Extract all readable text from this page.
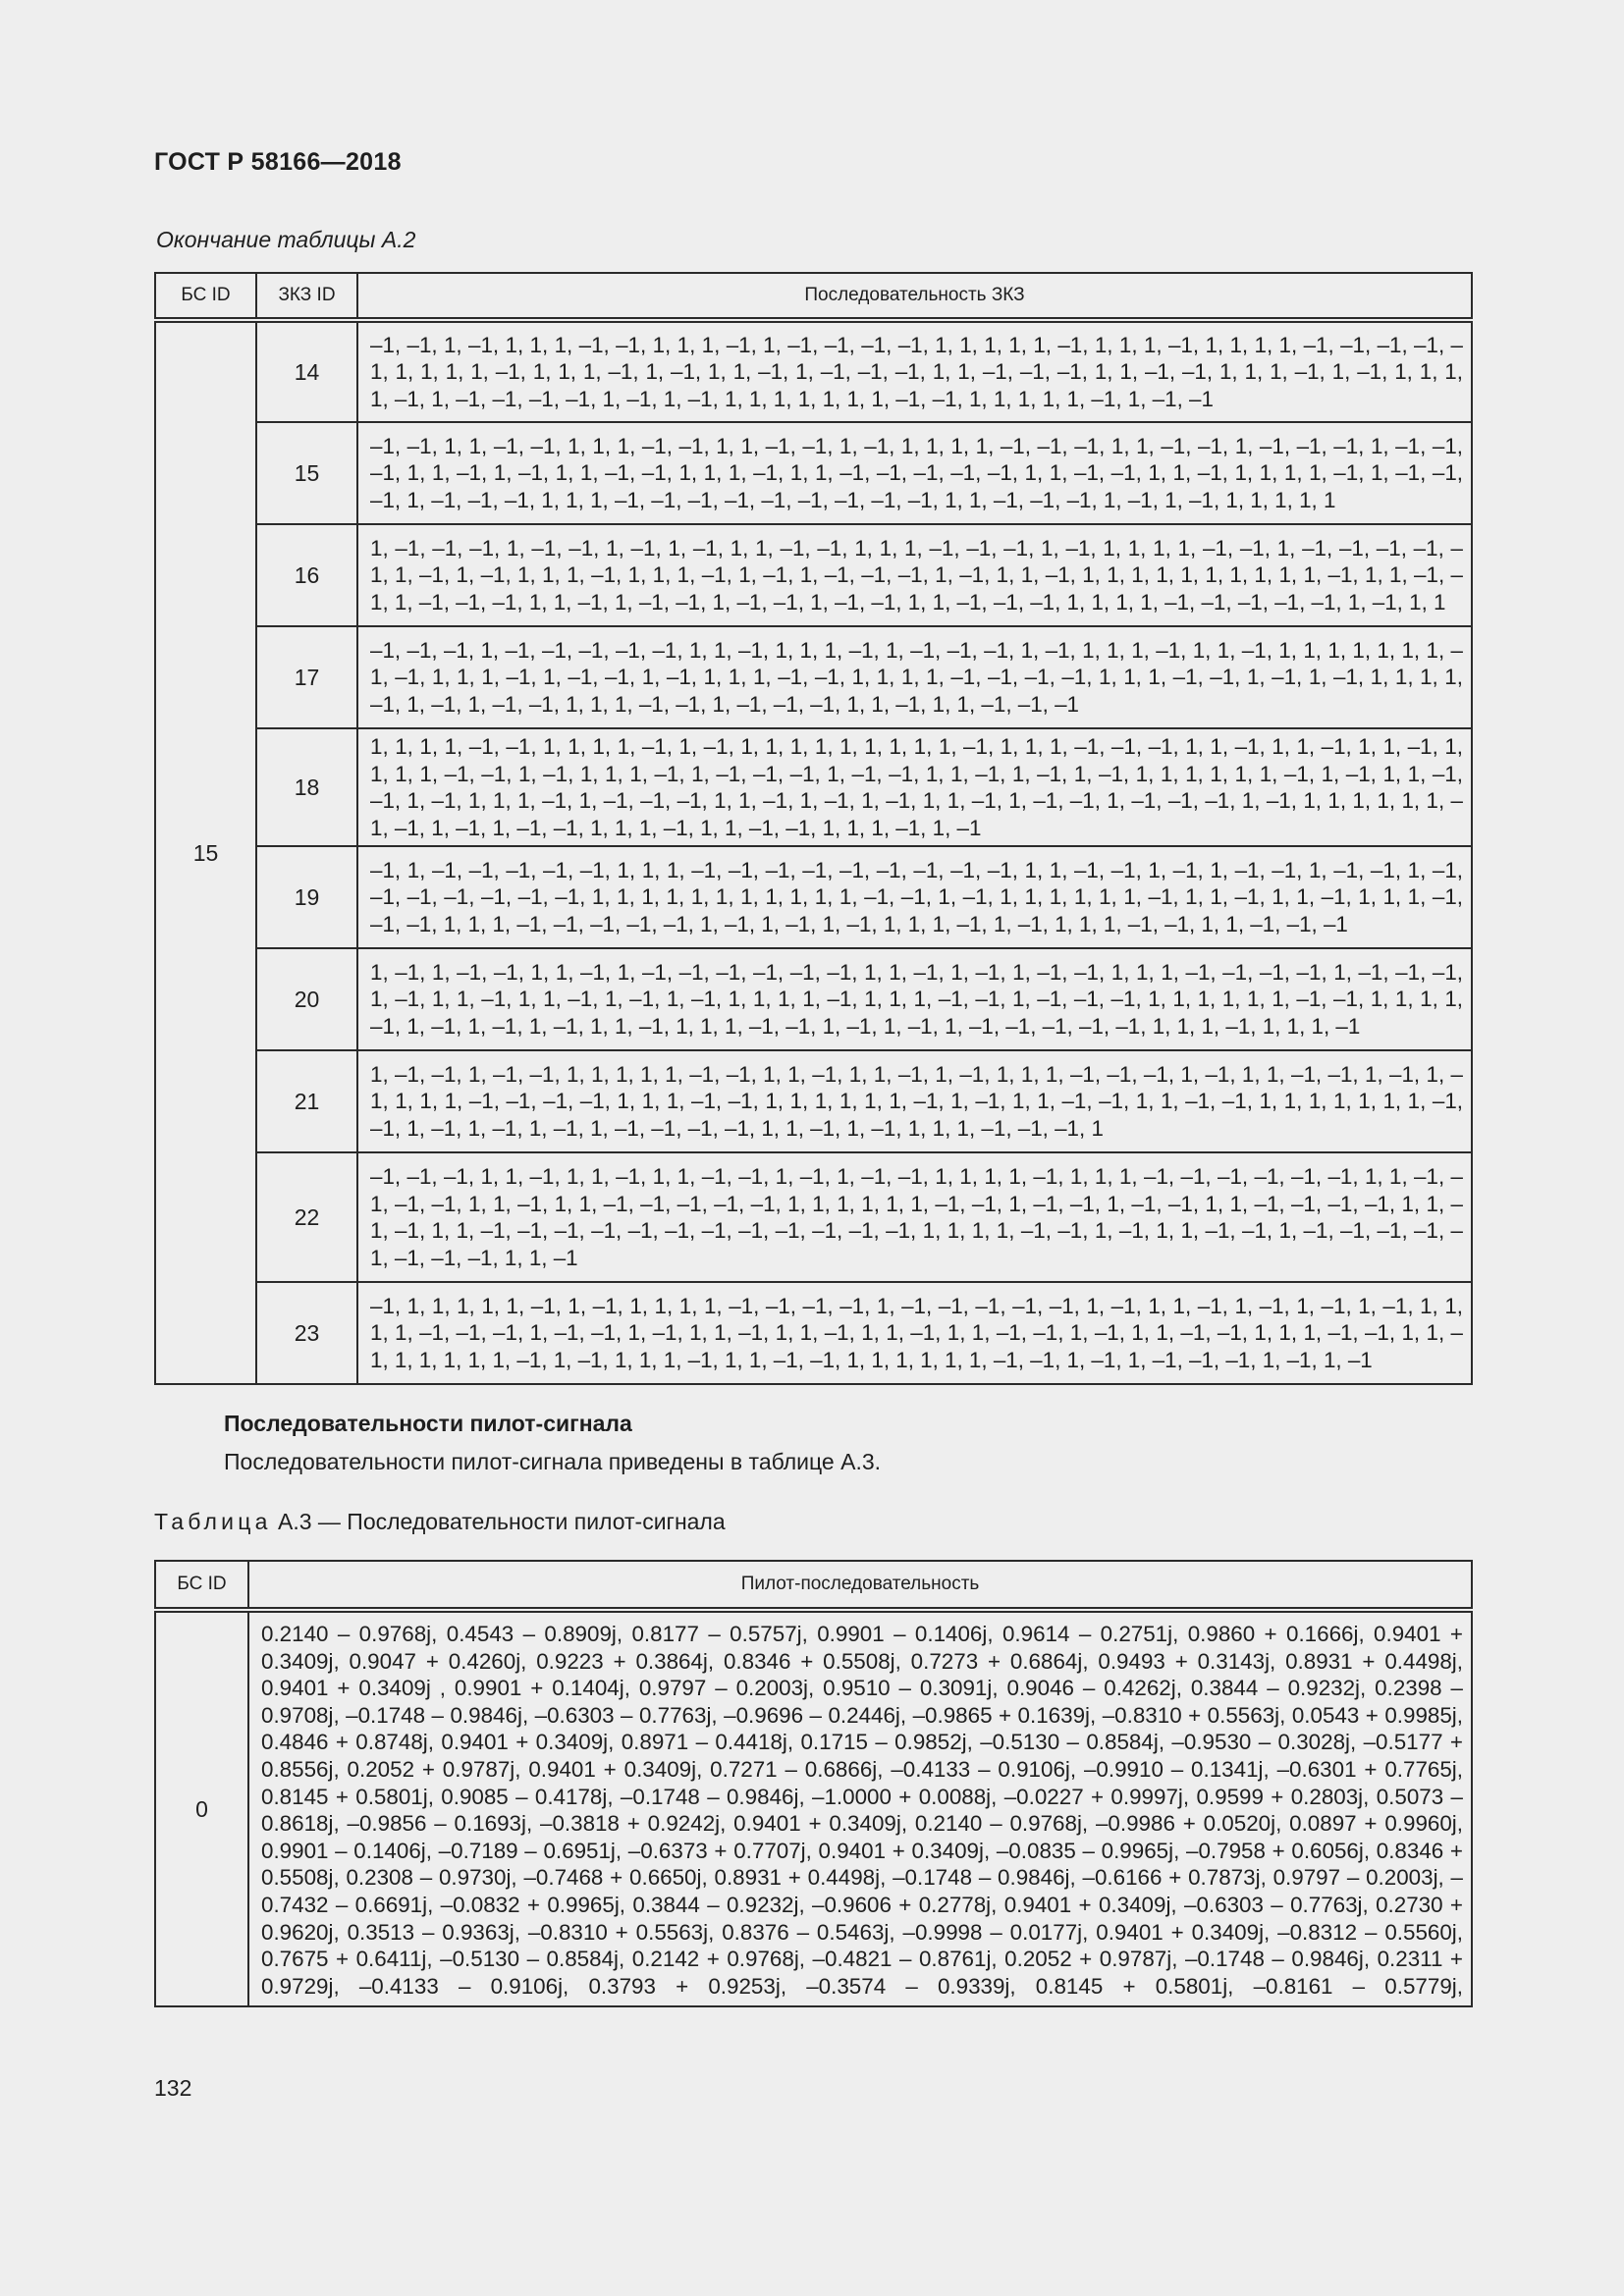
ГОСТ Р 58166—2018
Окончание таблицы А.2
БС ID	ЗКЗ ID	Последовательность ЗКЗ
15	14	–1, –1, 1, –1, 1, 1, 1, –1, –1, 1, 1, 1, –1, 1, –1, –1, –1, –1, 1, 1, 1, 1, 1, –1, 1, 1, 1, –1, 1, 1, 1, 1, –1, –1, –1, –1, –1, 1, 1, 1, 1, –1, 1, 1, 1, –1, 1, –1, 1, 1, –1, 1, –1, –1, –1, 1, 1, –1, –1, –1, 1, 1, –1, –1, 1, 1, 1, –1, 1, –1, 1, 1, 1, 1, –1, 1, –1, –1, –1, –1, 1, –1, 1, –1, 1, 1, 1, 1, 1, 1, 1, –1, –1, 1, 1, 1, 1, 1, –1, 1, –1, –1
	15	–1, –1, 1, 1, –1, –1, 1, 1, 1, –1, –1, 1, 1, –1, –1, 1, –1, 1, 1, 1, 1, –1, –1, –1, 1, 1, –1, –1, 1, –1, –1, –1, 1, –1, –1, –1, 1, 1, –1, 1, –1, 1, 1, –1, –1, 1, 1, 1, –1, 1, 1, –1, –1, –1, –1, –1, 1, 1, –1, –1, 1, 1, –1, 1, 1, 1, 1, –1, 1, –1, –1, –1, 1, –1, –1, –1, 1, 1, 1, –1, –1, –1, –1, –1, –1, –1, –1, –1, 1, 1, –1, –1, –1, 1, –1, 1, –1, 1, 1, 1, 1, 1
	16	1, –1, –1, –1, 1, –1, –1, 1, –1, 1, –1, 1, 1, –1, –1, 1, 1, 1, –1, –1, –1, 1, –1, 1, 1, 1, 1, –1, –1, 1, –1, –1, –1, –1, –1, 1, –1, 1, –1, 1, 1, 1, –1, 1, 1, 1, –1, 1, –1, 1, –1, –1, –1, 1, –1, 1, 1, –1, 1, 1, 1, 1, 1, 1, 1, 1, 1, 1, –1, 1, 1, –1, –1, 1, –1, –1, –1, 1, 1, –1, 1, –1, –1, 1, –1, –1, 1, –1, –1, 1, 1, –1, –1, –1, 1, 1, 1, 1, –1, –1, –1, –1, –1, 1, –1, 1, 1
	17	–1, –1, –1, 1, –1, –1, –1, –1, –1, 1, 1, –1, 1, 1, 1, –1, 1, –1, –1, –1, 1, –1, 1, 1, 1, –1, 1, 1, –1, 1, 1, 1, 1, 1, 1, 1, –1, –1, 1, 1, 1, –1, 1, –1, –1, 1, –1, 1, 1, 1, –1, –1, 1, 1, 1, 1, –1, –1, –1, –1, 1, 1, 1, –1, –1, 1, –1, 1, –1, 1, 1, 1, 1, –1, 1, –1, 1, –1, –1, 1, 1, 1, –1, –1, 1, –1, –1, –1, 1, 1, –1, 1, 1, –1, –1, –1
	18	1, 1, 1, 1, –1, –1, 1, 1, 1, 1, –1, 1, –1, 1, 1, 1, 1, 1, 1, 1, 1, 1, –1, 1, 1, 1, –1, –1, –1, 1, 1, –1, 1, 1, –1, 1, 1, –1, 1, 1, 1, 1, –1, –1, 1, –1, 1, 1, 1, –1, 1, –1, –1, –1, 1, –1, –1, 1, 1, –1, 1, –1, 1, –1, 1, 1, 1, 1, 1, 1, –1, 1, –1, 1, 1, –1, –1, 1, –1, 1, 1, 1, –1, 1, –1, –1, –1, 1, 1, –1, 1, –1, 1, –1, 1, 1, –1, 1, –1, –1, 1, –1, –1, –1, 1, –1, 1, 1, 1, 1, 1, 1, –1, –1, 1, –1, 1, –1, –1, 1, 1, 1, –1, 1, 1, –1, –1, 1, 1, 1, –1, 1, –1
	19	–1, 1, –1, –1, –1, –1, –1, 1, 1, 1, –1, –1, –1, –1, –1, –1, –1, –1, –1, 1, 1, –1, –1, 1, –1, 1, –1, –1, 1, –1, –1, 1, –1, –1, –1, –1, –1, –1, –1, 1, 1, 1, 1, 1, 1, 1, 1, 1, 1, 1, –1, –1, 1, –1, 1, 1, 1, 1, 1, 1, –1, 1, 1, –1, 1, 1, –1, 1, 1, 1, –1, –1, –1, 1, 1, 1, –1, –1, –1, –1, –1, 1, –1, 1, –1, 1, –1, 1, 1, 1, –1, 1, –1, 1, 1, 1, –1, –1, 1, 1, –1, –1, –1
	20	1, –1, 1, –1, –1, 1, 1, –1, 1, –1, –1, –1, –1, –1, –1, 1, 1, –1, 1, –1, 1, –1, –1, 1, 1, 1, –1, –1, –1, –1, 1, –1, –1, –1, 1, –1, 1, 1, –1, 1, 1, –1, 1, –1, 1, –1, 1, 1, 1, 1, –1, 1, 1, 1, –1, –1, 1, –1, –1, –1, 1, 1, 1, 1, 1, 1, –1, –1, 1, 1, 1, 1, –1, 1, –1, 1, –1, 1, –1, 1, 1, –1, 1, 1, 1, –1, –1, 1, –1, 1, –1, 1, –1, –1, –1, –1, –1, 1, 1, 1, –1, 1, 1, 1, –1
	21	1, –1, –1, 1, –1, –1, 1, 1, 1, 1, 1, –1, –1, 1, 1, –1, 1, 1, –1, 1, –1, 1, 1, 1, –1, –1, –1, 1, –1, 1, 1, –1, –1, 1, –1, 1, –1, 1, 1, 1, –1, –1, –1, –1, 1, 1, 1, –1, –1, 1, 1, 1, 1, 1, 1, –1, 1, –1, 1, 1, –1, –1, 1, 1, –1, –1, 1, 1, 1, 1, 1, 1, 1, –1, –1, 1, –1, 1, –1, 1, –1, 1, –1, –1, –1, –1, 1, 1, –1, 1, –1, 1, 1, 1, –1, –1, –1, 1
	22	–1, –1, –1, 1, 1, –1, 1, 1, –1, 1, 1, –1, –1, 1, –1, 1, –1, –1, 1, 1, 1, 1, –1, 1, 1, 1, –1, –1, –1, –1, –1, –1, 1, 1, –1, –1, –1, –1, 1, 1, –1, 1, 1, –1, –1, –1, –1, –1, 1, 1, 1, 1, 1, 1, –1, –1, 1, –1, –1, 1, –1, –1, 1, 1, –1, –1, –1, –1, 1, 1, –1, –1, 1, 1, –1, –1, –1, –1, –1, –1, –1, –1, –1, –1, –1, –1, 1, 1, 1, 1, –1, –1, 1, –1, 1, 1, –1, –1, 1, –1, –1, –1, –1, –1, –1, –1, –1, 1, 1, –1
	23	–1, 1, 1, 1, 1, 1, –1, 1, –1, 1, 1, 1, 1, –1, –1, –1, –1, 1, –1, –1, –1, –1, –1, 1, –1, 1, 1, –1, 1, –1, 1, –1, 1, –1, 1, 1, 1, 1, –1, –1, –1, 1, –1, –1, 1, –1, 1, 1, –1, 1, 1, –1, 1, 1, –1, 1, 1, –1, –1, 1, –1, 1, 1, –1, –1, 1, 1, 1, –1, –1, 1, 1, –1, 1, 1, 1, 1, 1, –1, 1, –1, 1, 1, 1, –1, 1, 1, –1, –1, 1, 1, 1, 1, 1, 1, –1, –1, 1, –1, 1, –1, –1, –1, 1, –1, 1, –1
Последовательности пилот-сигнала
Последовательности пилот-сигнала приведены в таблице А.3.
Таблица А.3 — Последовательности пилот-сигнала
БС ID	Пилот-последовательность
0	0.2140 – 0.9768j, 0.4543 – 0.8909j, 0.8177 – 0.5757j, 0.9901 – 0.1406j, 0.9614 – 0.2751j, 0.9860 + 0.1666j, 0.9401 + 0.3409j, 0.9047 + 0.4260j, 0.9223 + 0.3864j, 0.8346 + 0.5508j, 0.7273 + 0.6864j, 0.9493 + 0.3143j, 0.8931 + 0.4498j, 0.9401 + 0.3409j , 0.9901 + 0.1404j, 0.9797 – 0.2003j, 0.9510 – 0.3091j, 0.9046 – 0.4262j, 0.3844 – 0.9232j, 0.2398 – 0.9708j, –0.1748 – 0.9846j, –0.6303 – 0.7763j, –0.9696 – 0.2446j, –0.9865 + 0.1639j, –0.8310 + 0.5563j, 0.0543 + 0.9985j, 0.4846 + 0.8748j, 0.9401 + 0.3409j, 0.8971 – 0.4418j, 0.1715 – 0.9852j, –0.5130 – 0.8584j, –0.9530 – 0.3028j, –0.5177 + 0.8556j, 0.2052 + 0.9787j, 0.9401 + 0.3409j, 0.7271 – 0.6866j, –0.4133 – 0.9106j, –0.9910 – 0.1341j, –0.6301 + 0.7765j, 0.8145 + 0.5801j, 0.9085 – 0.4178j, –0.1748 – 0.9846j, –1.0000 + 0.0088j, –0.0227 + 0.9997j, 0.9599 + 0.2803j, 0.5073 – 0.8618j, –0.9856 – 0.1693j, –0.3818 + 0.9242j, 0.9401 + 0.3409j, 0.2140 – 0.9768j, –0.9986 + 0.0520j, 0.0897 + 0.9960j, 0.9901 – 0.1406j, –0.7189 – 0.6951j, –0.6373 + 0.7707j, 0.9401 + 0.3409j, –0.0835 – 0.9965j, –0.7958 + 0.6056j, 0.8346 + 0.5508j, 0.2308 – 0.9730j, –0.7468 + 0.6650j, 0.8931 + 0.4498j, –0.1748 – 0.9846j, –0.6166 + 0.7873j, 0.9797 – 0.2003j, –0.7432 – 0.6691j, –0.0832 + 0.9965j, 0.3844 – 0.9232j, –0.9606 + 0.2778j, 0.9401 + 0.3409j, –0.6303 – 0.7763j, 0.2730 + 0.9620j, 0.3513 – 0.9363j, –0.8310 + 0.5563j, 0.8376 – 0.5463j, –0.9998 – 0.0177j, 0.9401 + 0.3409j, –0.8312 – 0.5560j, 0.7675 + 0.6411j, –0.5130 – 0.8584j, 0.2142 + 0.9768j, –0.4821 – 0.8761j, 0.2052 + 0.9787j, –0.1748 – 0.9846j, 0.2311 + 0.9729j, –0.4133 – 0.9106j, 0.3793 + 0.9253j, –0.3574 – 0.9339j, 0.8145 + 0.5801j, –0.8161 – 0.5779j,
132
